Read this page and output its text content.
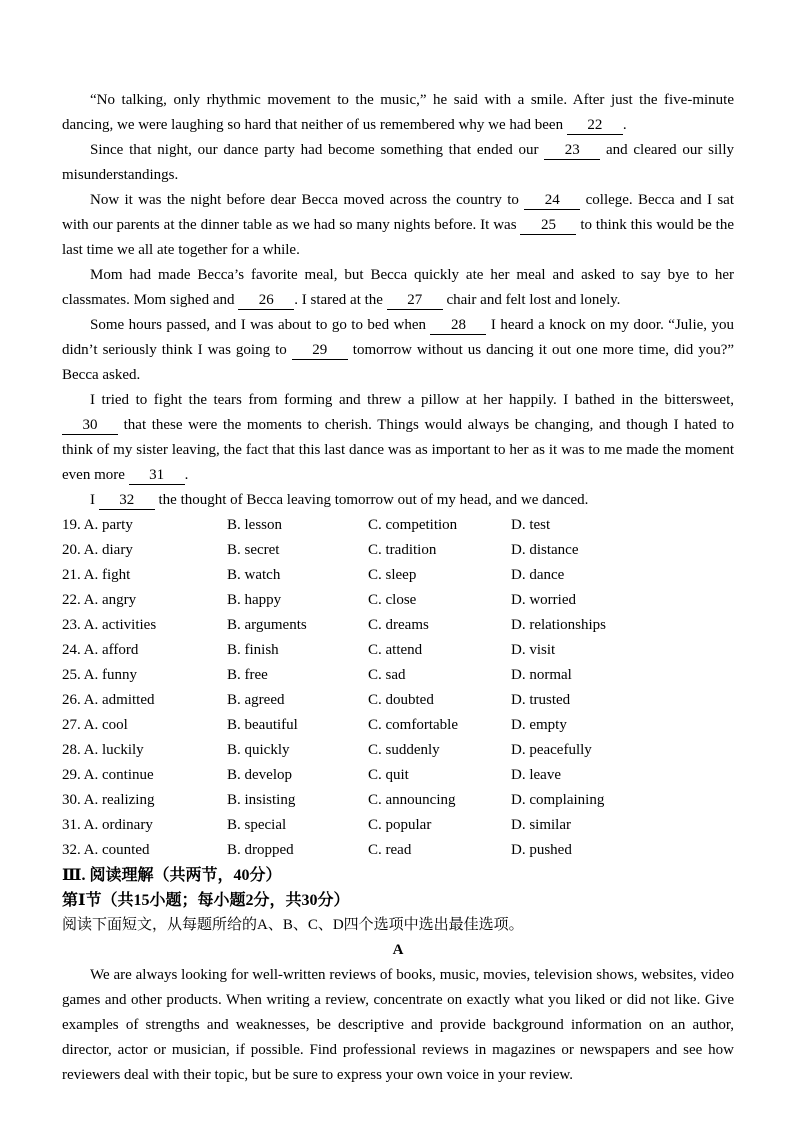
“No talking, only rhythmic movement to the music,” he said with a smile. After just the five-minute dancing, we were laughing so hard that neither of us remembered why we had been 22 .

Since that night, our dance party had become something that ended our 23 and cleared our silly misunderstandings.

Now it was the night before dear Becca moved across the country to 24 college. Becca and I sat with our parents at the dinner table as we had so many nights before. It was 25 to think this would be the last time we all ate together for a while.

Mom had made Becca’s favorite meal, but Becca quickly ate her meal and asked to say bye to her classmates. Mom sighed and 26 . I stared at the 27 chair and felt lost and lonely.

Some hours passed, and I was about to go to bed when 28 I heard a knock on my door. “Julie, you didn’t seriously think I was going to 29 tomorrow without us dancing it out one more time, did you?” Becca asked.

I tried to fight the tears from forming and threw a pillow at her happily. I bathed in the bittersweet, 30 that these were the moments to cherish. Things would always be changing, and though I hated to think of my sister leaving, the fact that this last dance was as important to her as it was to me made the moment even more 31 .

I 32 the thought of Becca leaving tomorrow out of my head, and we danced.

19. A. party	B. lesson	C. competition	D. test
20. A. diary	B. secret	C. tradition	D. distance
21. A. fight	B. watch	C. sleep	D. dance
22. A. angry	B. happy	C. close	D. worried
23. A. activities	B. arguments	C. dreams	D. relationships
24. A. afford	B. finish	C. attend	D. visit
25. A. funny	B. free	C. sad	D. normal
26. A. admitted	B. agreed	C. doubted	D. trusted
27. A. cool	B. beautiful	C. comfortable	D. empty
28. A. luckily	B. quickly	C. suddenly	D. peacefully
29. A. continue	B. develop	C. quit	D. leave
30. A. realizing	B. insisting	C. announcing	D. complaining
31. A. ordinary	B. special	C. popular	D. similar
32. A. counted	B. dropped	C. read	D. pushed
Ⅲ. 阅读理解（共两节，40分）
第Ⅰ节（共15小题；每小题2分，共30分）

阅读下面短文，从每题所给的A、B、C、D四个选项中选出最佳选项。

A

We are always looking for well-written reviews of books, music, movies, television shows, websites, video games and other products. When writing a review, concentrate on exactly what you liked or did not like. Give examples of strengths and weaknesses, be descriptive and provide background information on an author, director, actor or musician, if possible. Find professional reviews in magazines or newspapers and see how reviewers deal with their topic, but be sure to express your own voice in your review.
